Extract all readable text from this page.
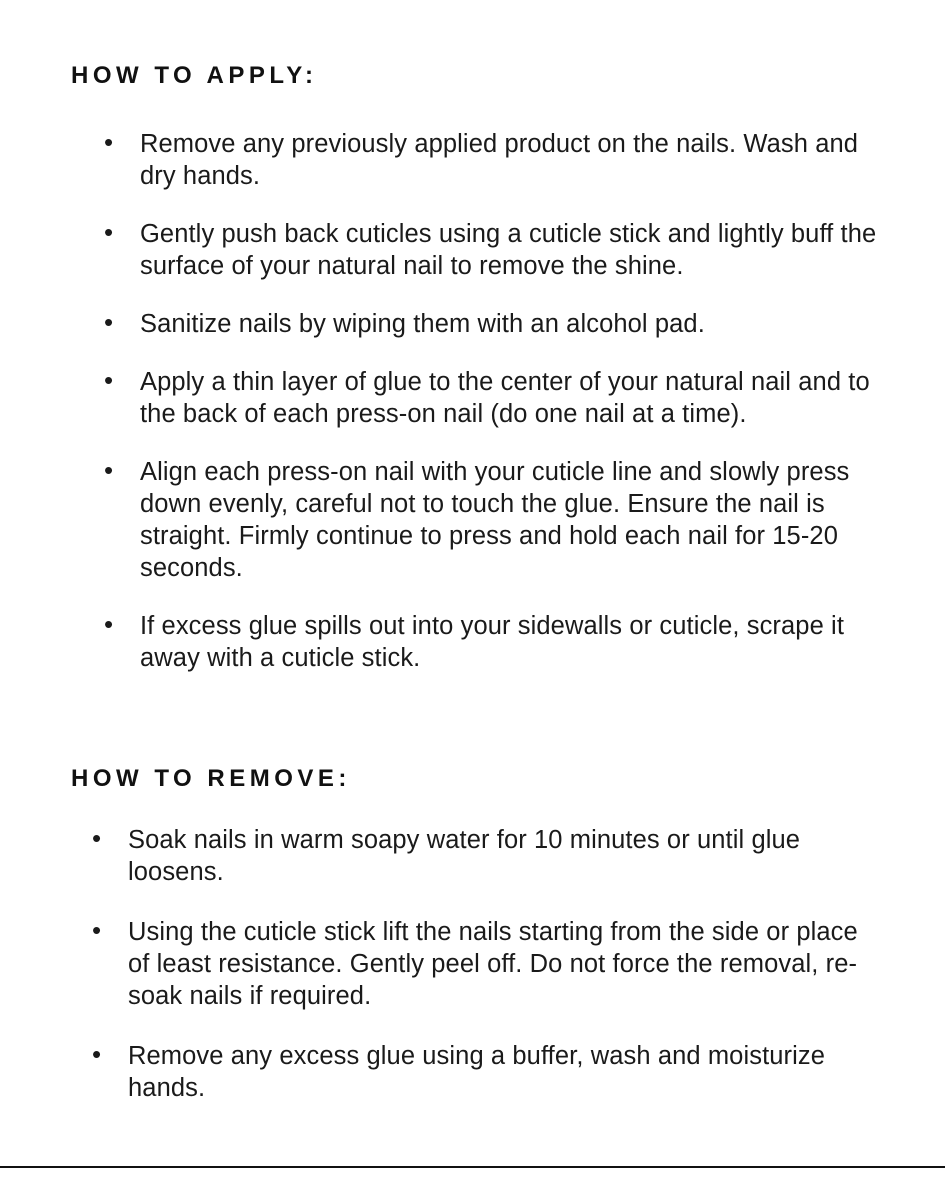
HOW TO APPLY:
• Remove any previously applied product on the nails. Wash and dry hands.
• Gently push back cuticles using a cuticle stick and lightly buff the surface of your natural nail to remove the shine.
• Sanitize nails by wiping them with an alcohol pad.
• Apply a thin layer of glue to the center of your natural nail and to the back of each press-on nail (do one nail at a time).
• Align each press-on nail with your cuticle line and slowly press down evenly, careful not to touch the glue. Ensure the nail is straight. Firmly continue to press and hold each nail for 15-20 seconds.
• If excess glue spills out into your sidewalls or cuticle, scrape it away with a cuticle stick.
HOW TO REMOVE:
• Soak nails in warm soapy water for 10 minutes or until glue loosens.
• Using the cuticle stick lift the nails starting from the side or place of least resistance. Gently peel off. Do not force the removal, re-soak nails if required.
• Remove any excess glue using a buffer, wash and moisturize hands.
